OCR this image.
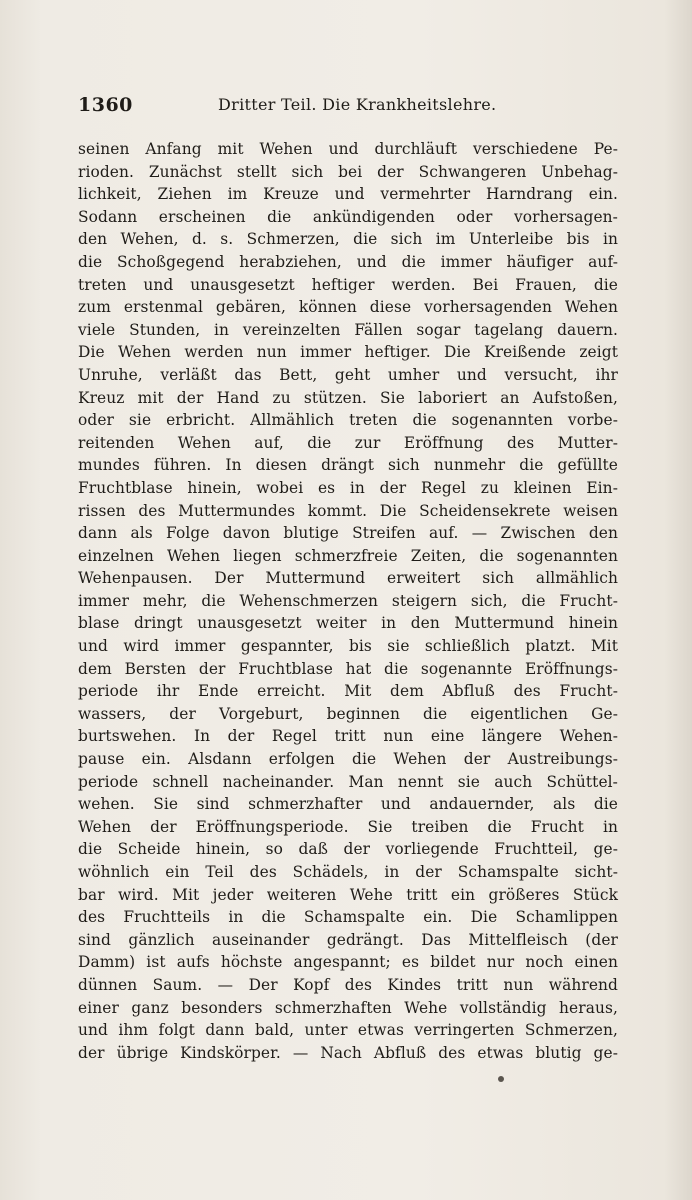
1360	Dritter Teil. Die Krankheitslehre.
seinen Anfang mit Wehen und durchläuft verschiedene Pe-
rioden. Zunächst stellt sich bei der Schwangeren Unbehag-
lichkeit, Ziehen im Kreuze und vermehrter Harndrang ein.
Sodann erscheinen die ankündigenden oder vorhersagen-
den Wehen, d. s. Schmerzen, die sich im Unterleibe bis in
die Schoßgegend herabziehen, und die immer häufiger auf-
treten und unausgesetzt heftiger werden. Bei Frauen, die
zum erstenmal gebären, können diese vorhersagenden Wehen
viele Stunden, in vereinzelten Fällen sogar tagelang dauern.
Die Wehen werden nun immer heftiger. Die Kreißende zeigt
Unruhe, verläßt das Bett, geht umher und versucht, ihr
Kreuz mit der Hand zu stützen. Sie laboriert an Aufstoßen,
oder sie erbricht. Allmählich treten die sogenannten vorbe-
reitenden Wehen auf, die zur Eröffnung des Mutter-
mundes führen. In diesen drängt sich nunmehr die gefüllte
Fruchtblase hinein, wobei es in der Regel zu kleinen Ein-
rissen des Muttermundes kommt. Die Scheidensekrete weisen
dann als Folge davon blutige Streifen auf. — Zwischen den
einzelnen Wehen liegen schmerzfreie Zeiten, die sogenannten
Wehenpausen. Der Muttermund erweitert sich allmählich
immer mehr, die Wehenschmerzen steigern sich, die Frucht-
blase dringt unausgesetzt weiter in den Muttermund hinein
und wird immer gespannter, bis sie schließlich platzt. Mit
dem Bersten der Fruchtblase hat die sogenannte Eröffnungs-
periode ihr Ende erreicht. Mit dem Abfluß des Frucht-
wassers, der Vorgeburt, beginnen die eigentlichen Ge-
burtswehen. In der Regel tritt nun eine längere Wehen-
pause ein. Alsdann erfolgen die Wehen der Austreibungs-
periode schnell nacheinander. Man nennt sie auch Schüttel-
wehen. Sie sind schmerzhafter und andauernder, als die
Wehen der Eröffnungsperiode. Sie treiben die Frucht in
die Scheide hinein, so daß der vorliegende Fruchtteil, ge-
wöhnlich ein Teil des Schädels, in der Schamspalte sicht-
bar wird. Mit jeder weiteren Wehe tritt ein größeres Stück
des Fruchtteils in die Schamspalte ein. Die Schamlippen
sind gänzlich auseinander gedrängt. Das Mittelfleisch (der
Damm) ist aufs höchste angespannt; es bildet nur noch einen
dünnen Saum. — Der Kopf des Kindes tritt nun während
einer ganz besonders schmerzhaften Wehe vollständig heraus,
und ihm folgt dann bald, unter etwas verringerten Schmerzen,
der übrige Kindskörper. — Nach Abfluß des etwas blutig ge-
